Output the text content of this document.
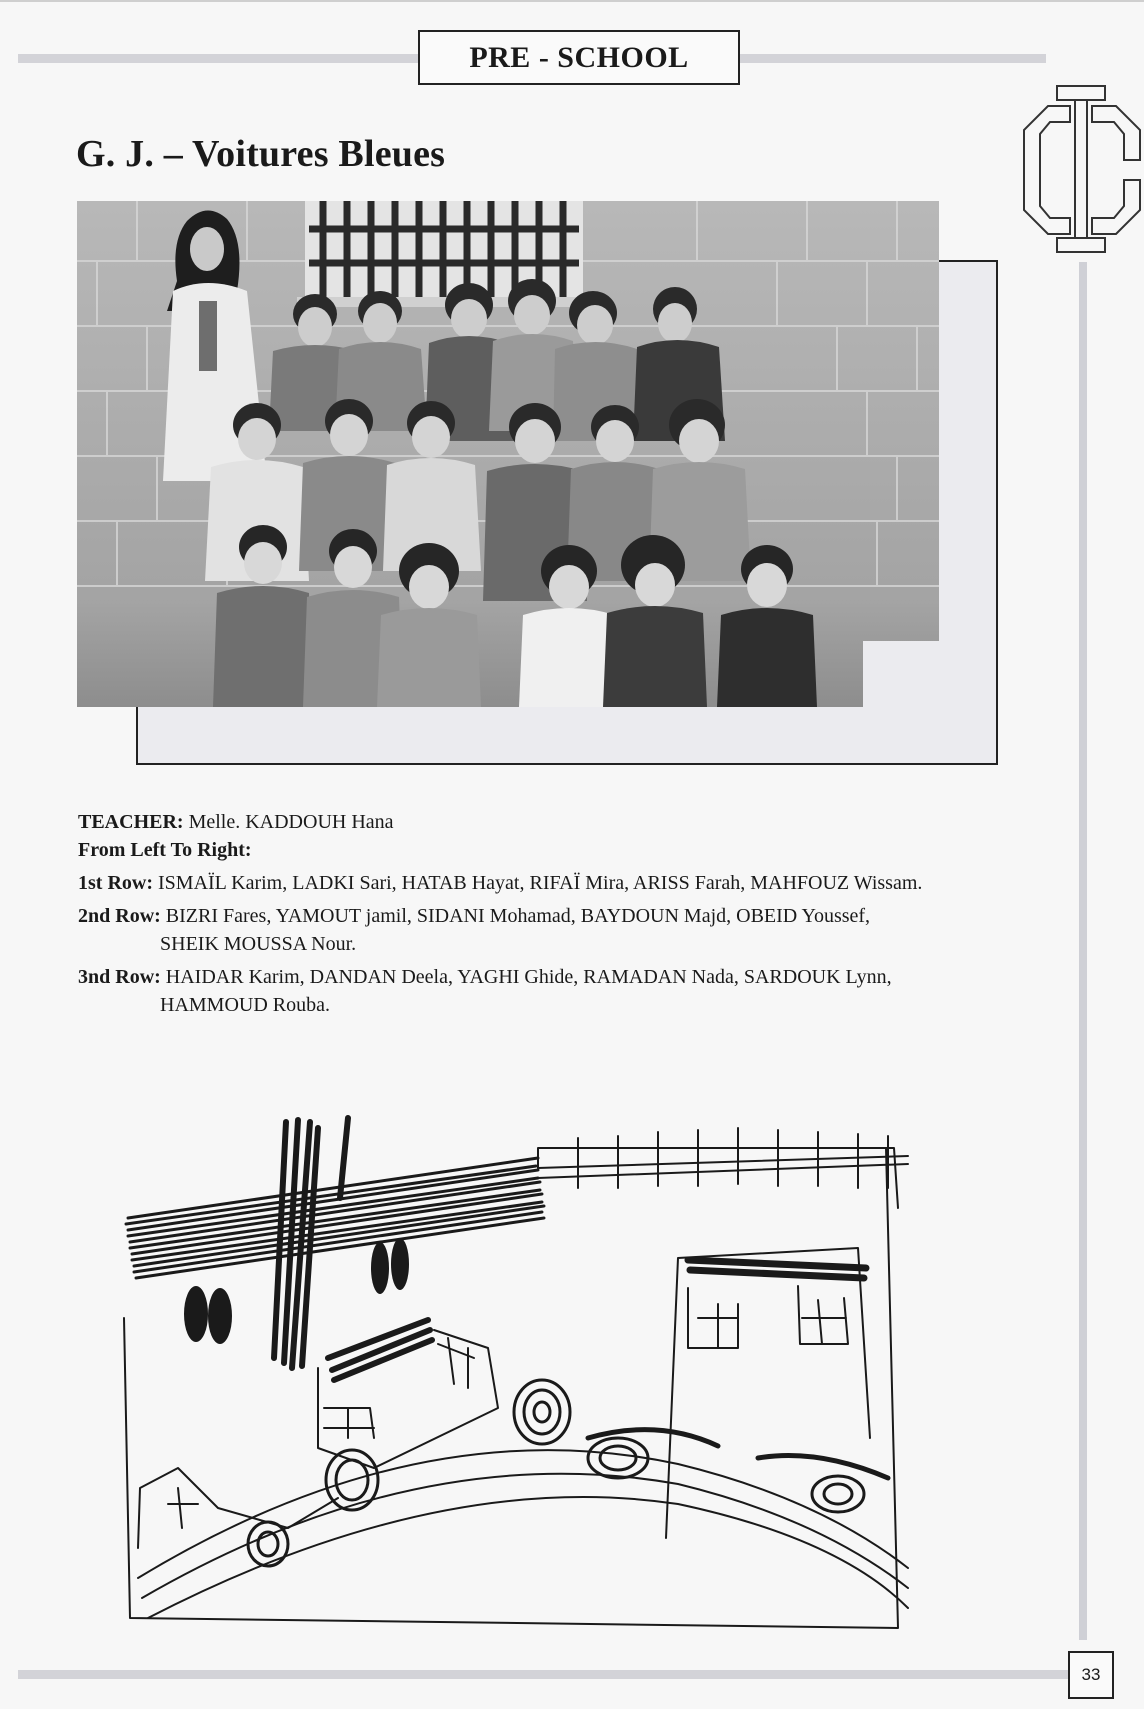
PRE - SCHOOL
G. J. – Voitures Bleues
TEACHER: Melle. KADDOUH Hana
From Left To Right:
1st Row: ISMAÏL Karim, LADKI Sari, HATAB Hayat, RIFAÏ Mira, ARISS Farah, MAHFOUZ Wissam.
2nd Row: BIZRI Fares, YAMOUT jamil, SIDANI Mohamad, BAYDOUN Majd, OBEID Youssef,
SHEIK MOUSSA Nour.
3nd Row: HAIDAR Karim, DANDAN Deela, YAGHI Ghide, RAMADAN Nada, SARDOUK Lynn,
HAMMOUD Rouba.
33
